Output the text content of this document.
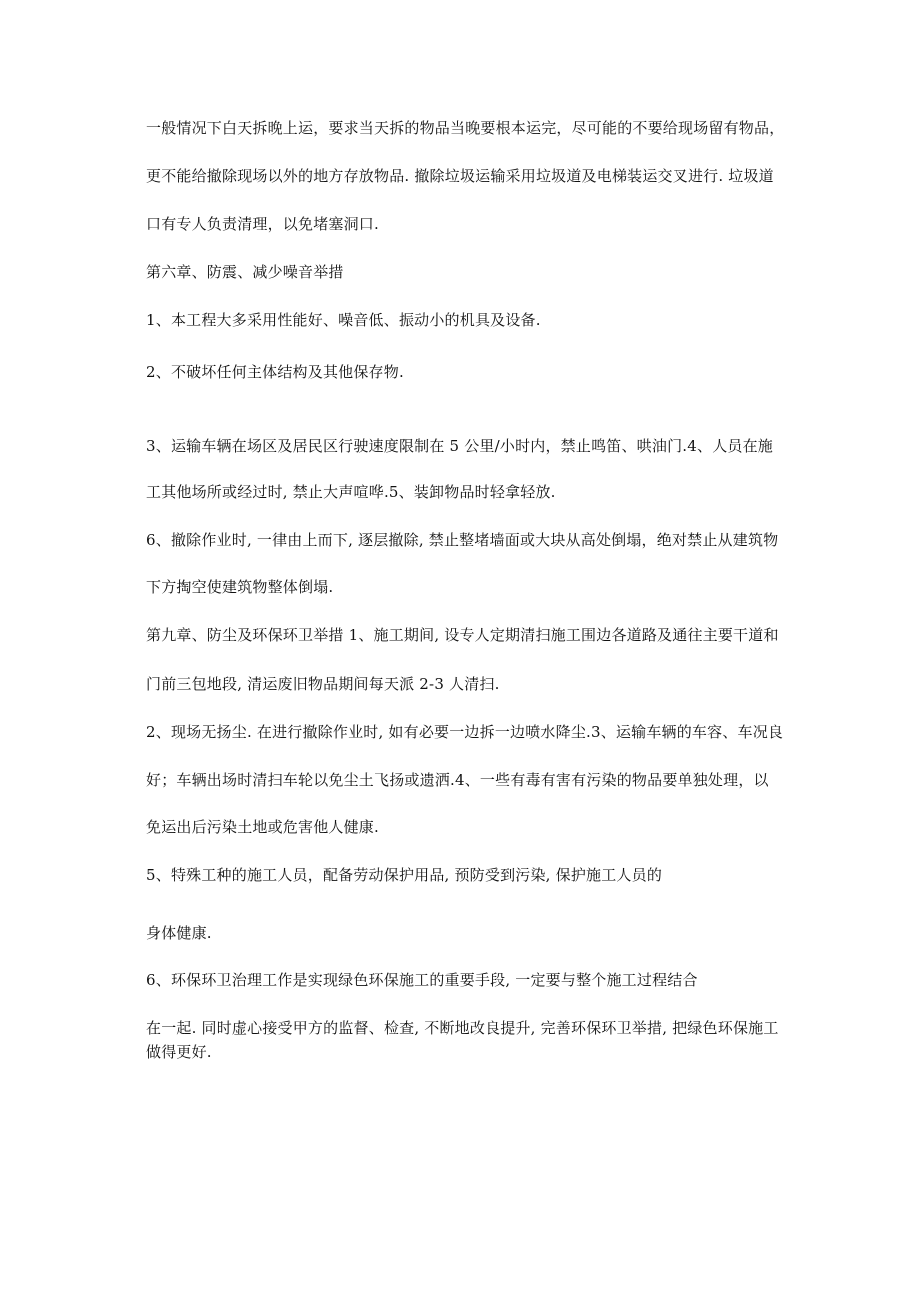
一般情况下白天拆晚上运，要求当天拆的物品当晚要根本运完，尽可能的不要给现场留有物品，
更不能给撤除现场以外的地方存放物品. 撤除垃圾运输采用垃圾道及电梯装运交叉进行. 垃圾道
口有专人负责清理，以免堵塞洞口.
第六章、防震、减少噪音举措
1、本工程大多采用性能好、噪音低、振动小的机具及设备.
2、不破坏任何主体结构及其他保存物.
3、运输车辆在场区及居民区行驶速度限制在 5 公里/小时内，禁止鸣笛、哄油门.4、人员在施
工其他场所或经过时, 禁止大声喧哗.5、装卸物品时轻拿轻放.
6、撤除作业时, 一律由上而下, 逐层撤除, 禁止整堵墙面或大块从高处倒塌，绝对禁止从建筑物
下方掏空使建筑物整体倒塌.
第九章、防尘及环保环卫举措 1、施工期间, 设专人定期清扫施工围边各道路及通往主要干道和
门前三包地段, 清运废旧物品期间每天派 2-3 人清扫.
2、现场无扬尘. 在进行撤除作业时, 如有必要一边拆一边喷水降尘.3、运输车辆的车容、车况良
好；车辆出场时清扫车轮以免尘土飞扬或遗洒.4、一些有毒有害有污染的物品要单独处理，以
免运出后污染土地或危害他人健康.
5、特殊工种的施工人员，配备劳动保护用品, 预防受到污染, 保护施工人员的
身体健康.
6、环保环卫治理工作是实现绿色环保施工的重要手段, 一定要与整个施工过程结合
在一起. 同时虚心接受甲方的监督、检查, 不断地改良提升, 完善环保环卫举措, 把绿色环保施工
做得更好.
